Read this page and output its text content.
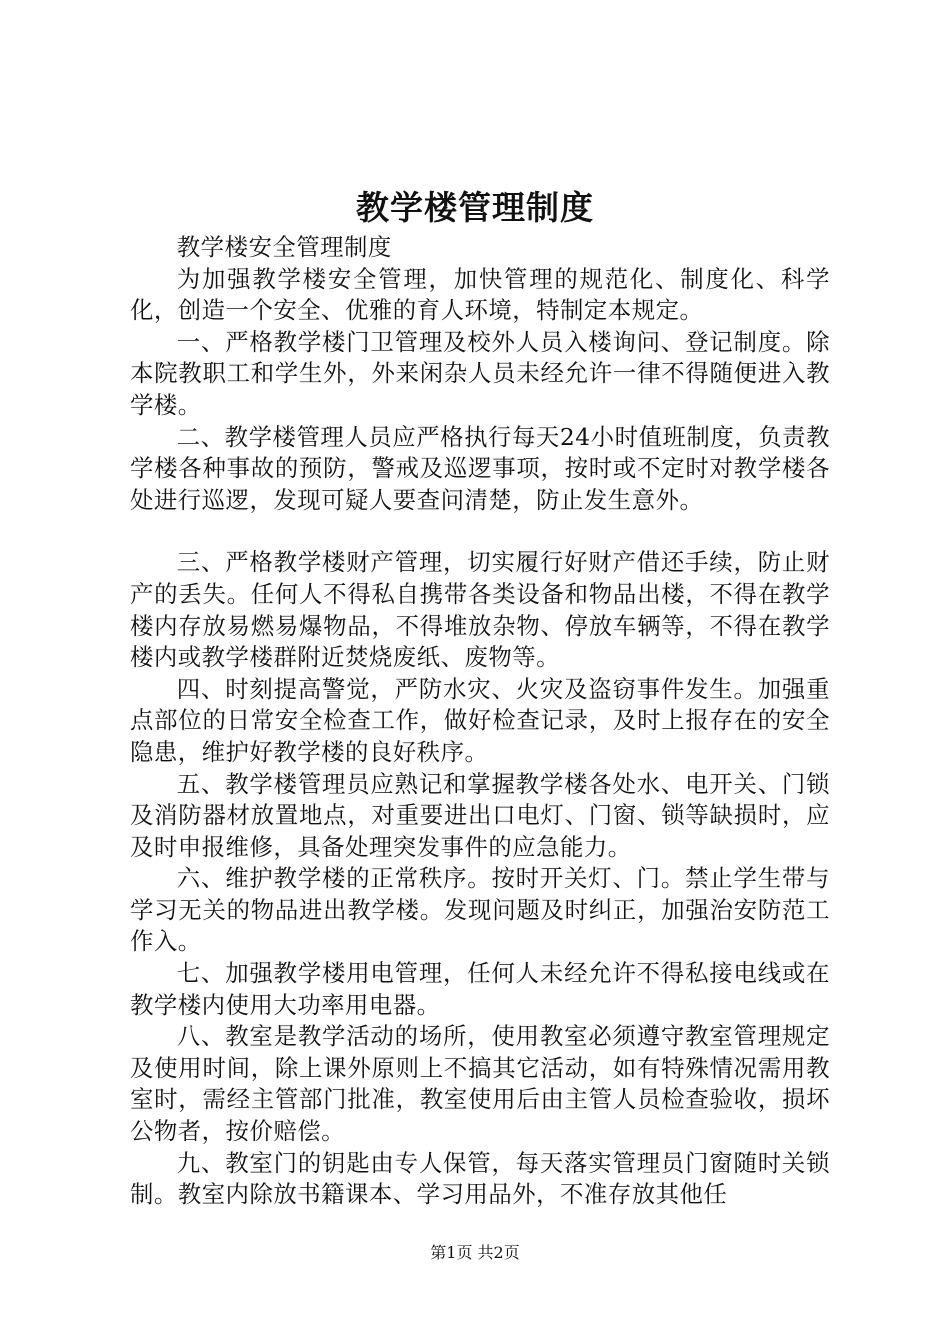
教学楼管理制度

教学楼安全管理制度

为加强教学楼安全管理，加快管理的规范化、制度化、科学化，创造一个安全、优雅的育人环境，特制定本规定。

一、严格教学楼门卫管理及校外人员入楼询问、登记制度。除本院教职工和学生外，外来闲杂人员未经允许一律不得随便进入教学楼。

二、教学楼管理人员应严格执行每天24小时值班制度，负责教学楼各种事故的预防，警戒及巡逻事项，按时或不定时对教学楼各处进行巡逻，发现可疑人要查问清楚，防止发生意外。

三、严格教学楼财产管理，切实履行好财产借还手续，防止财产的丢失。任何人不得私自携带各类设备和物品出楼，不得在教学楼内存放易燃易爆物品，不得堆放杂物、停放车辆等，不得在教学楼内或教学楼群附近焚烧废纸、废物等。

四、时刻提高警觉，严防水灾、火灾及盗窃事件发生。加强重点部位的日常安全检查工作，做好检查记录，及时上报存在的安全隐患，维护好教学楼的良好秩序。

五、教学楼管理员应熟记和掌握教学楼各处水、电开关、门锁及消防器材放置地点，对重要进出口电灯、门窗、锁等缺损时，应及时申报维修，具备处理突发事件的应急能力。

六、维护教学楼的正常秩序。按时开关灯、门。禁止学生带与学习无关的物品进出教学楼。发现问题及时纠正，加强治安防范工作入。

七、加强教学楼用电管理，任何人未经允许不得私接电线或在教学楼内使用大功率用电器。

八、教室是教学活动的场所，使用教室必须遵守教室管理规定及使用时间，除上课外原则上不搞其它活动，如有特殊情况需用教室时，需经主管部门批准，教室使用后由主管人员检查验收，损坏公物者，按价赔偿。

九、教室门的钥匙由专人保管，每天落实管理员门窗随时关锁制。教室内除放书籍课本、学习用品外，不准存放其他任

第1页 共2页
